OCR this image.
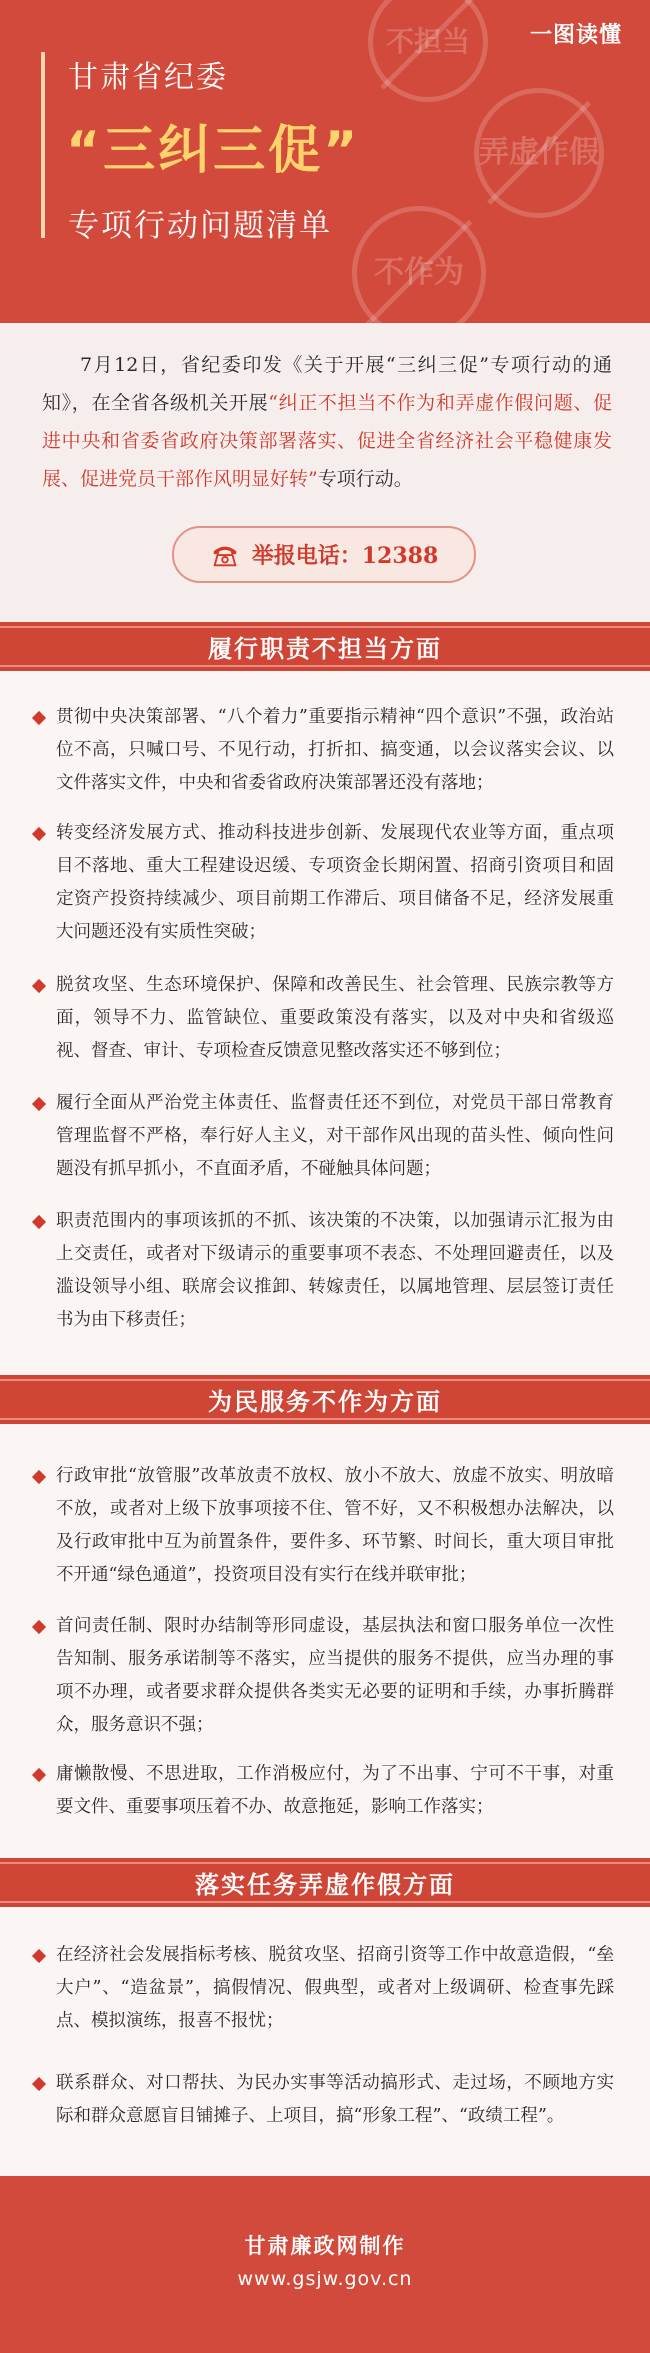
不担当
弄虚作假
不作为
甘肃省纪委
“三纠三促”
专项行动问题清单
一图读懂

7月12日，省纪委印发《关于开展“三纠三促”专项行动的通知》，在全省各级机关开展“纠正不担当不作为和弄虚作假问题、促进中央和省委省政府决策部署落实、促进全省经济社会平稳健康发展、促进党员干部作风明显好转”专项行动。

举报电话：12388
履行职责不担当方面
贯彻中央决策部署、“八个着力”重要指示精神“四个意识”不强，政治站位不高，只喊口号、不见行动，打折扣、搞变通，以会议落实会议、以文件落实文件，中央和省委省政府决策部署还没有落地；
转变经济发展方式、推动科技进步创新、发展现代农业等方面，重点项目不落地、重大工程建设迟缓、专项资金长期闲置、招商引资项目和固定资产投资持续减少、项目前期工作滞后、项目储备不足，经济发展重大问题还没有实质性突破；
脱贫攻坚、生态环境保护、保障和改善民生、社会管理、民族宗教等方面，领导不力、监管缺位、重要政策没有落实，以及对中央和省级巡视、督查、审计、专项检查反馈意见整改落实还不够到位；
履行全面从严治党主体责任、监督责任还不到位，对党员干部日常教育管理监督不严格，奉行好人主义，对干部作风出现的苗头性、倾向性问题没有抓早抓小，不直面矛盾，不碰触具体问题；
职责范围内的事项该抓的不抓、该决策的不决策，以加强请示汇报为由上交责任，或者对下级请示的重要事项不表态、不处理回避责任，以及滥设领导小组、联席会议推卸、转嫁责任，以属地管理、层层签订责任书为由下移责任；
为民服务不作为方面
行政审批“放管服”改革放责不放权、放小不放大、放虚不放实、明放暗不放，或者对上级下放事项接不住、管不好，又不积极想办法解决，以及行政审批中互为前置条件，要件多、环节繁、时间长，重大项目审批不开通“绿色通道”，投资项目没有实行在线并联审批；
首问责任制、限时办结制等形同虚设，基层执法和窗口服务单位一次性告知制、服务承诺制等不落实，应当提供的服务不提供，应当办理的事项不办理，或者要求群众提供各类实无必要的证明和手续，办事折腾群众，服务意识不强；
庸懒散慢、不思进取，工作消极应付，为了不出事、宁可不干事，对重要文件、重要事项压着不办、故意拖延，影响工作落实；
落实任务弄虚作假方面
在经济社会发展指标考核、脱贫攻坚、招商引资等工作中故意造假，“垒大户”、“造盆景”，搞假情况、假典型，或者对上级调研、检查事先踩点、模拟演练，报喜不报忧；
联系群众、对口帮扶、为民办实事等活动搞形式、走过场，不顾地方实际和群众意愿盲目铺摊子、上项目，搞“形象工程”、“政绩工程”。
甘肃廉政网制作
www.gsjw.gov.cn
